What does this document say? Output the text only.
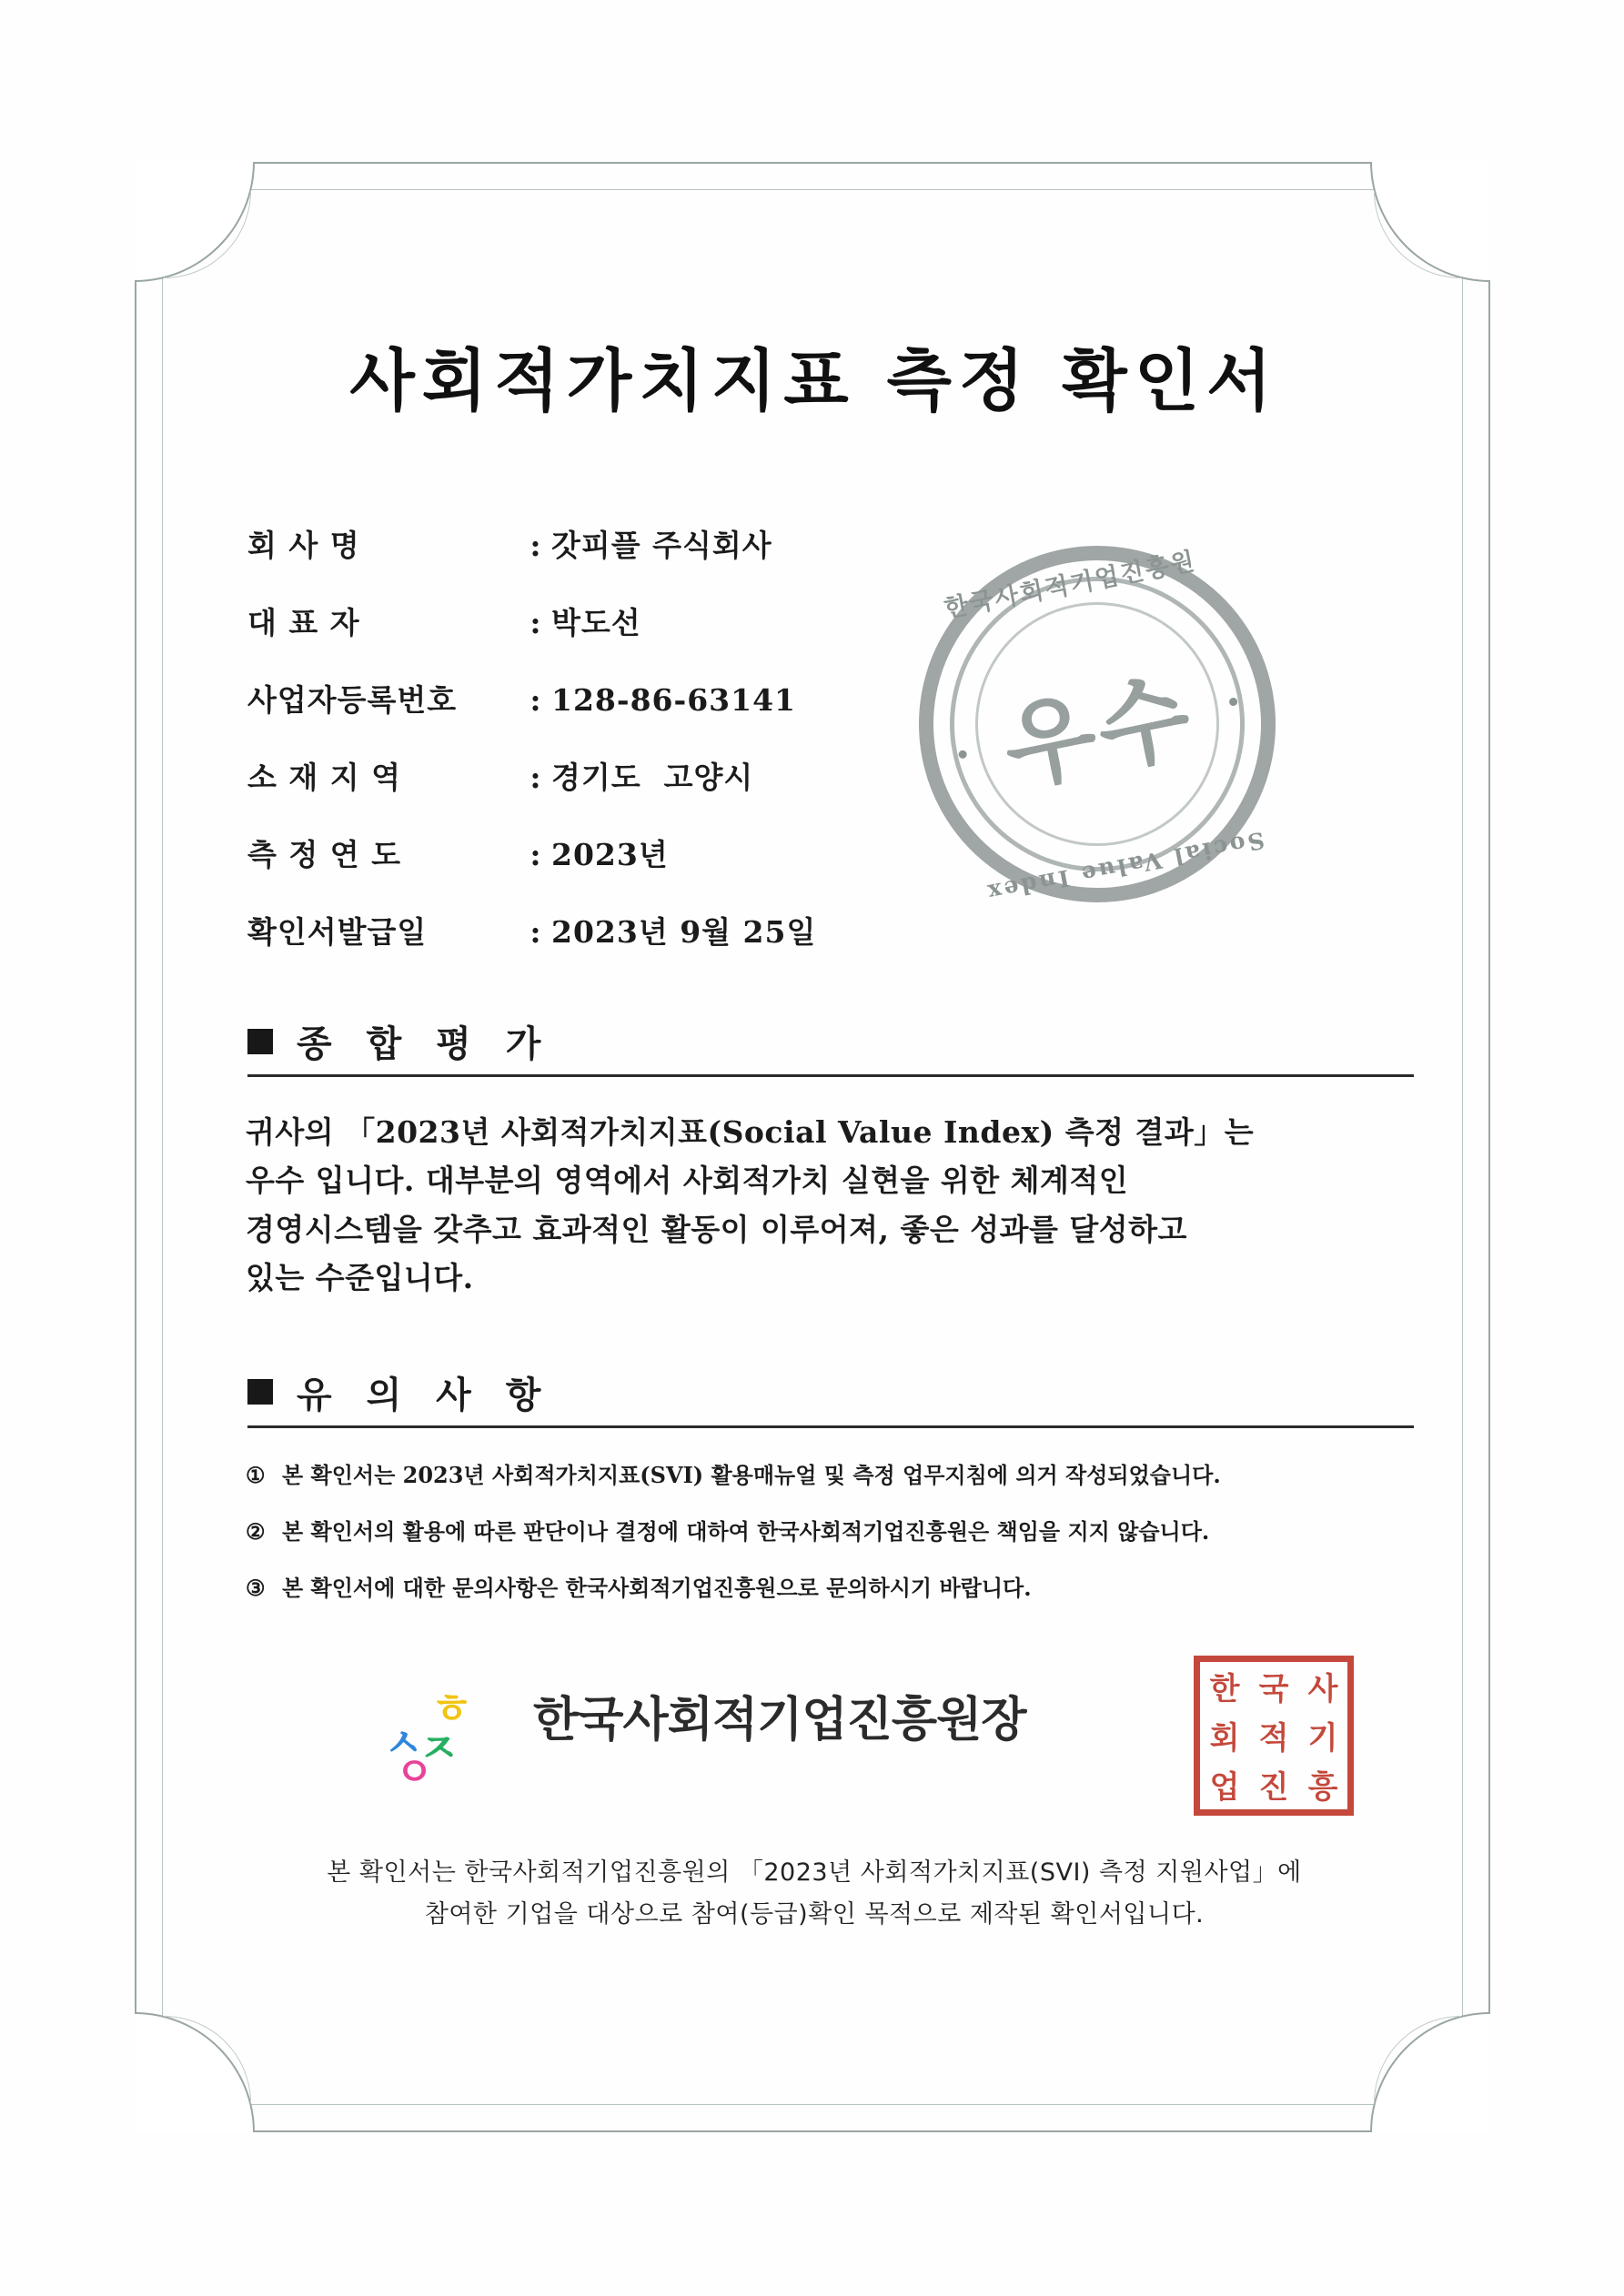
한국사회적기업진흥원
우수
Social Value Index
사회적가치지표 측정 확인서
회 사 명	: 갓피플 주식회사
대 표 자	: 박도선
사업자등록번호	: 128-86-63141
소 재 지 역	: 경기도  고양시
측 정 연 도	: 2023년
확인서발급일	: 2023년 9월 25일
종 합 평 가
귀사의 「2023년 사회적가치지표(Social Value Index) 측정 결과」는
우수 입니다. 대부분의 영역에서 사회적가치 실현을 위한 체계적인
경영시스템을 갖추고 효과적인 활동이 이루어져, 좋은 성과를 달성하고
있는 수준입니다.
유 의 사 항
① 본 확인서는 2023년 사회적가치지표(SVI) 활용매뉴얼 및 측정 업무지침에 의거 작성되었습니다.
② 본 확인서의 활용에 따른 판단이나 결정에 대하여 한국사회적기업진흥원은 책임을 지지 않습니다.
③ 본 확인서에 대한 문의사항은 한국사회적기업진흥원으로 문의하시기 바랍니다.
ㅎ
ㅅ
ㅈ
ㅇ
한국사회적기업진흥원장
한 국 사
회 적 기
업 진 흥
본 확인서는 한국사회적기업진흥원의 「2023년 사회적가치지표(SVI) 측정 지원사업」에
참여한 기업을 대상으로 참여(등급)확인 목적으로 제작된 확인서입니다.
